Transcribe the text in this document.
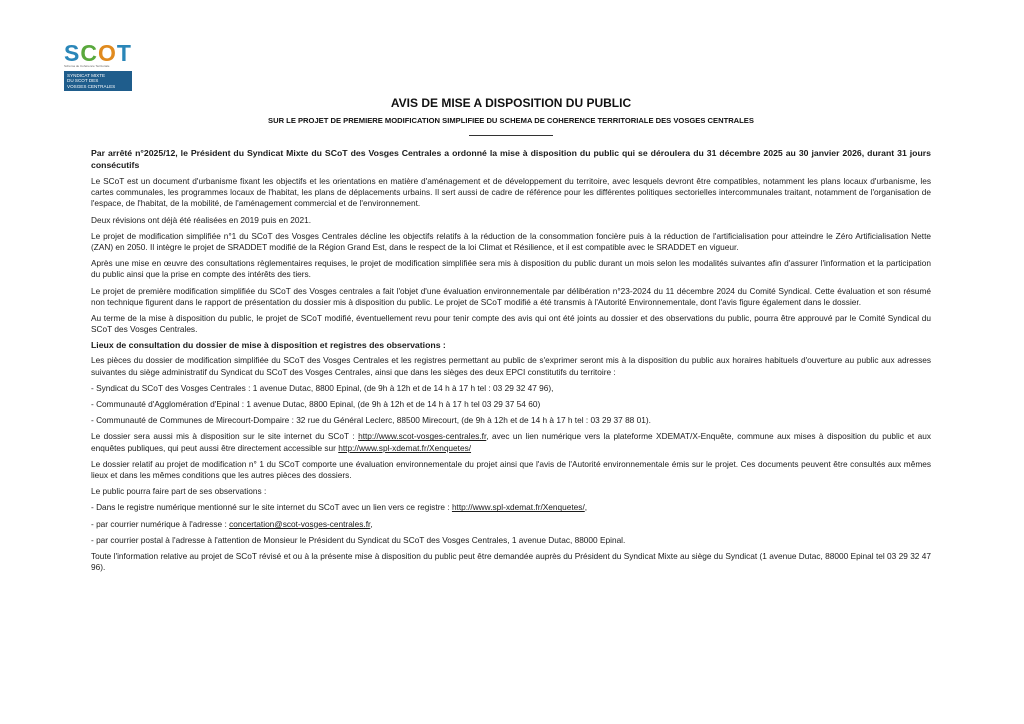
SCOT
Schéma de Cohérence Territoriale
SYNDICAT MIXTE
DU SCOT DES
VOSGES CENTRALES
AVIS DE MISE A DISPOSITION DU PUBLIC
SUR LE PROJET DE PREMIERE MODIFICATION SIMPLIFIEE DU SCHEMA DE COHERENCE TERRITORIALE DES VOSGES CENTRALES

Par arrêté n°2025/12, le Président du Syndicat Mixte du SCoT des Vosges Centrales a ordonné la mise à disposition du public qui se déroulera du 31 décembre 2025 au 30 janvier 2026, durant 31 jours consécutifs

Le SCoT est un document d'urbanisme fixant les objectifs et les orientations en matière d'aménagement et de développement du territoire, avec lesquels devront être compatibles, notamment les plans locaux d'urbanisme, les cartes communales, les programmes locaux de l'habitat, les plans de déplacements urbains. Il sert aussi de cadre de référence pour les différentes politiques sectorielles intercommunales traitant, notamment de l'organisation de l'espace, de l'habitat, de la mobilité, de l'aménagement commercial et de l'environnement.

Deux révisions ont déjà été réalisées en 2019 puis en 2021.

Le projet de modification simplifiée n°1 du SCoT des Vosges Centrales décline les objectifs relatifs à la réduction de la consommation foncière puis à la réduction de l'artificialisation pour atteindre le Zéro Artificialisation Nette (ZAN) en 2050. Il intègre le projet de SRADDET modifié de la Région Grand Est, dans le respect de la loi Climat et Résilience, et il est compatible avec le SRADDET en vigueur.

Après une mise en œuvre des consultations règlementaires requises, le projet de modification simplifiée sera mis à disposition du public durant un mois selon les modalités suivantes afin d'assurer l'information et la participation du public ainsi que la prise en compte des intérêts des tiers.

Le projet de première modification simplifiée du SCoT des Vosges centrales a fait l'objet d'une évaluation environnementale par délibération n°23-2024 du 11 décembre 2024 du Comité Syndical. Cette évaluation et son résumé non technique figurent dans le rapport de présentation du dossier mis à disposition du public. Le projet de SCoT modifié a été transmis à l'Autorité Environnementale, dont l'avis figure également dans le dossier.

Au terme de la mise à disposition du public, le projet de SCoT modifié, éventuellement revu pour tenir compte des avis qui ont été joints au dossier et des observations du public, pourra être approuvé par le Comité Syndical du SCoT des Vosges Centrales.

Lieux de consultation du dossier de mise à disposition et registres des observations :

Les pièces du dossier de modification simplifiée du SCoT des Vosges Centrales et les registres permettant au public de s'exprimer seront mis à la disposition du public aux horaires habituels d'ouverture au public aux adresses suivantes du siège administratif du Syndicat du SCoT des Vosges Centrales, ainsi que dans les sièges des deux EPCI constitutifs du territoire :

- Syndicat du SCoT des Vosges Centrales : 1 avenue Dutac, 8800 Epinal, (de 9h à 12h et de 14 h à 17 h tel : 03 29 32 47 96),

- Communauté d'Agglomération d'Epinal : 1 avenue Dutac, 8800 Epinal, (de 9h à 12h et de 14 h à 17 h tel 03 29 37 54 60)

- Communauté de Communes de Mirecourt-Dompaire : 32 rue du Général Leclerc, 88500 Mirecourt, (de 9h à 12h et de 14 h à 17 h tel : 03 29 37 88 01).

Le dossier sera aussi mis à disposition sur le site internet du SCoT : http://www.scot-vosges-centrales.fr, avec un lien numérique vers la plateforme XDEMAT/X-Enquête, commune aux mises à disposition du public et aux enquêtes publiques, qui peut aussi être directement accessible sur http://www.spl-xdemat.fr/Xenquetes/

Le dossier relatif au projet de modification n° 1 du SCoT comporte une évaluation environnementale du projet ainsi que l'avis de l'Autorité environnementale émis sur le projet. Ces documents peuvent être consultés aux mêmes lieux et dans les mêmes conditions que les autres pièces des dossiers.

Le public pourra faire part de ses observations :

- Dans le registre numérique mentionné sur le site internet du SCoT avec un lien vers ce registre : http://www.spl-xdemat.fr/Xenquetes/,

- par courrier numérique à l'adresse : concertation@scot-vosges-centrales.fr,

- par courrier postal à l'adresse à l'attention de Monsieur le Président du Syndicat du SCoT des Vosges Centrales, 1 avenue Dutac, 88000 Epinal.

Toute l'information relative au projet de SCoT révisé et ou à la présente mise à disposition du public peut être demandée auprès du Président du Syndicat Mixte au siège du Syndicat (1 avenue Dutac, 88000 Epinal tel 03 29 32 47 96).
